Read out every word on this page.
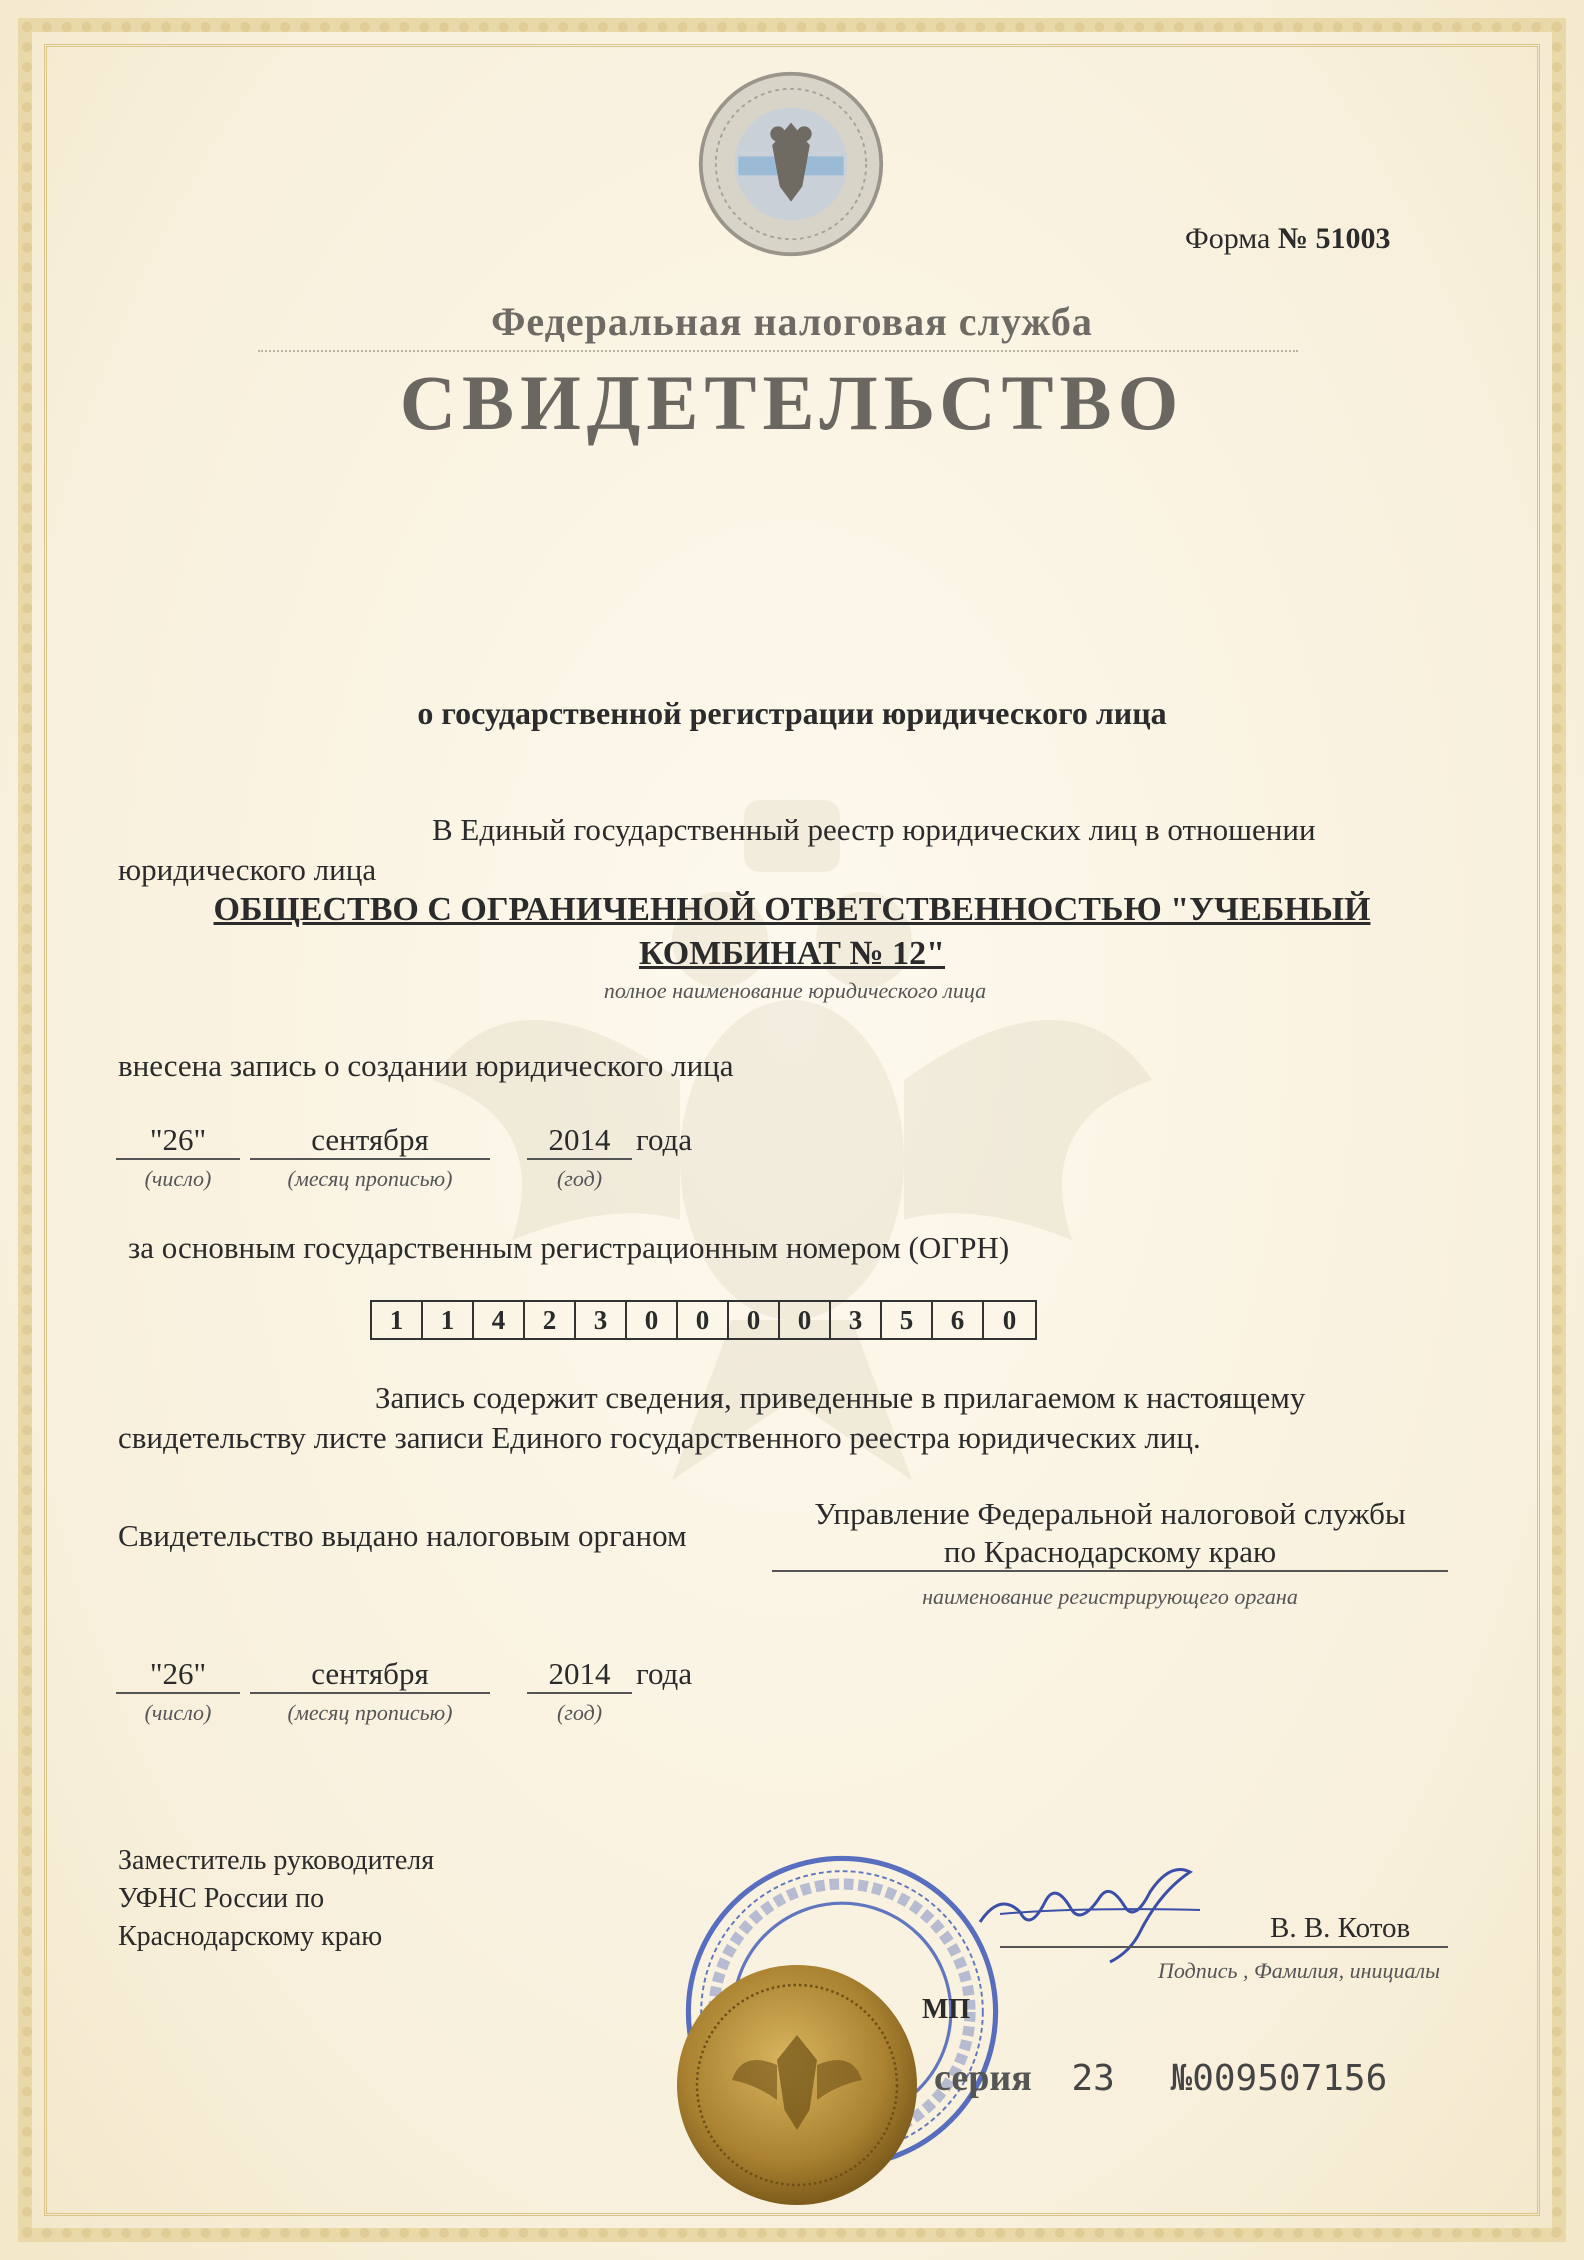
Форма № 51003
Федеральная налоговая служба
СВИДЕТЕЛЬСТВО
о государственной регистрации юридического лица
В Единый государственный реестр юридических лиц в отношении
юридического лица
ОБЩЕСТВО С ОГРАНИЧЕННОЙ ОТВЕТСТВЕННОСТЬЮ "УЧЕБНЫЙ
КОМБИНАТ № 12"
полное наименование юридического лица
внесена запись о создании юридического лица
"26"	сентября	2014 года
(число)	(месяц прописью)	(год)
за основным государственным регистрационным номером (ОГРН)
1	1	4	2	3	0	0	0	0	3	5	6	0
Запись содержит сведения, приведенные в прилагаемом к настоящему
свидетельству листе записи Единого государственного реестра юридических лиц.
Свидетельство выдано налоговым органом
Управление Федеральной налоговой службы
по Краснодарскому краю
наименование регистрирующего органа
"26"	сентября	2014 года
(число)	(месяц прописью)	(год)
Заместитель руководителя
УФНС России по
Краснодарскому краю	В. В. Котов
Подпись , Фамилия, инициалы
МП
серия 23 №009507156
